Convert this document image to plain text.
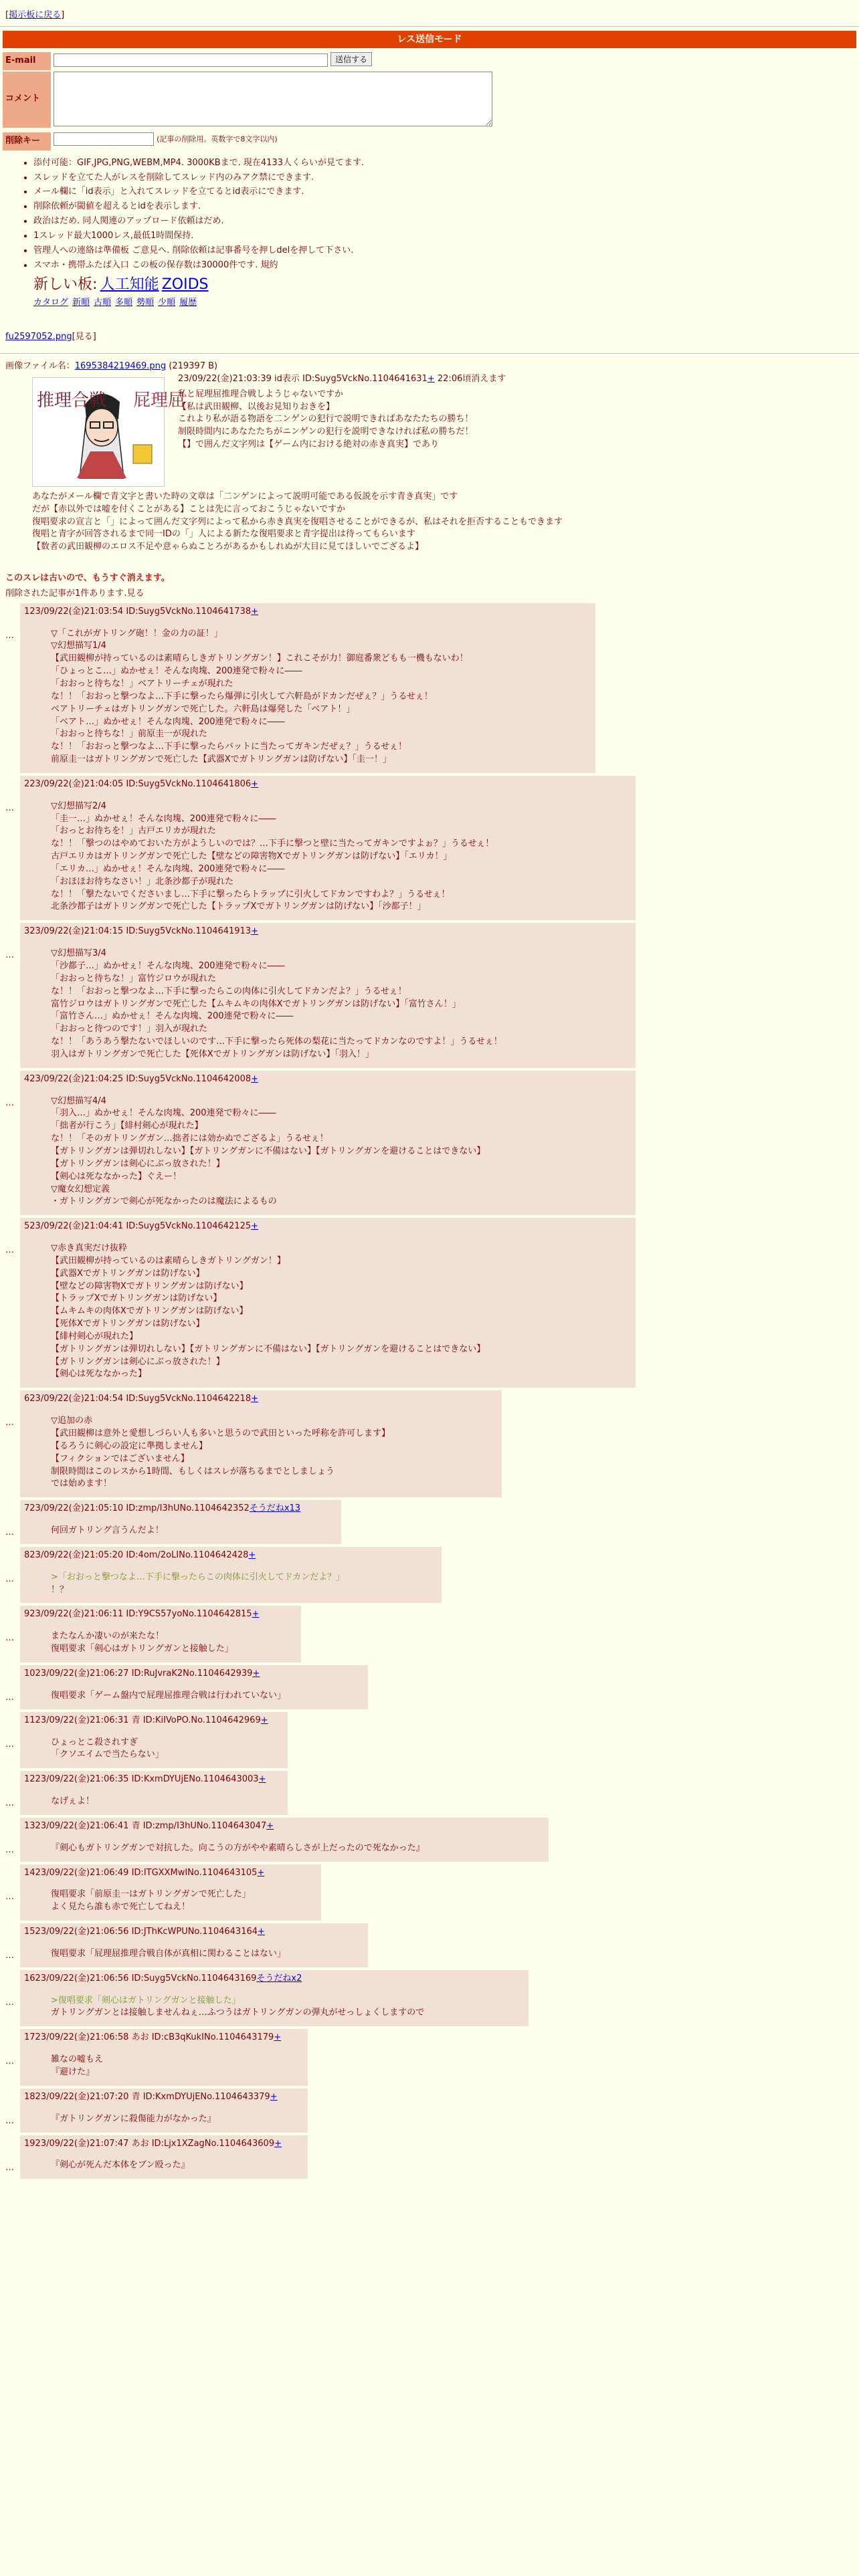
[掲示板に戻る]
レス送信モード
E-mail	送信する
コメント
削除キー	(記事の削除用。英数字で8文字以内)
• 添付可能：GIF,JPG,PNG,WEBM,MP4. 3000KBまで. 現在4133人くらいが見てます.
• スレッドを立てた人がレスを削除してスレッド内のみアク禁にできます.
• メール欄に「id表示」と入れてスレッドを立てるとid表示にできます.
• 削除依頼が閾値を超えるとidを表示します.
• 政治はだめ. 同人関連のアップロード依頼はだめ.
• 1スレッド最大1000レス,最低1時間保持.
• 管理人への連絡は準備板 ご意見へ. 削除依頼は記事番号を押しdelを押して下さい.
• スマホ・携帯ふたば入口 この板の保存数は30000件です. 規約
新しい板: 人工知能 ZOIDS
カタログ 新順 古順 多順 勢順 少順 履歴
fu2597052.png[見る]
画像ファイル名：1695384219469.png (219397 B)
推理合戦 屁理屈
23/09/22(金)21:03:39 id表示 ID:Suyg5VckNo.1104641631+ 22:06頃消えます
私と屁理屈推理合戦しようじゃないですか
【私は武田観柳、以後お見知りおきを】
これより私が語る物語を二ンゲンの犯行で説明できればあなたたちの勝ち！
制限時間内にあなたたちがニンゲンの犯行を説明できなければ私の勝ちだ！
【】で囲んだ文字列は【ゲーム内における絶対の赤き真実】であり
あなたがメール欄で青文字と書いた時の文章は「二ンゲンによって説明可能である仮説を示す青き真実」です
だが【赤以外では嘘を付くことがある】ことは先に言っておこうじゃないですか
復唱要求の宣言と「」によって囲んだ文字列によって私から赤き真実を復唱させることができるが、私はそれを拒否することもできます
復唱と青字が回答されるまで同一IDの「」人による新たな復唱要求と青字提出は待ってもらいます
【数者の武田観柳のエロス不足や意ゃらぬことろがあるかもしれぬが大目に見てほしいでござるよ】
このスレは古いので、もうすぐ消えます。
削除された記事が1件あります.見る
…
123/09/22(金)21:03:54 ID:Suyg5VckNo.1104641738+
▽「これがガトリング砲！！金の力の証！」
▽幻想描写1/4
【武田観柳が持っているのは素晴らしきガトリングガン！】これこそが力！御庭番衆どもも一機もないわ！
「ひょっとこ…」ぬかせぇ！そんな肉塊、200連発で粉々に――
「おおっと待ちな！」ベアトリーチェが現れた
な！！「おおっと撃つなよ…下手に撃ったら爆弾に引火して六軒島がドカンだぜぇ？」うるせぇ！
ベアトリーチェはガトリングガンで死亡した。六軒島は爆発した「ベアト！」
「ベアト…」ぬかせぇ！そんな肉塊、200連発で粉々に――
「おおっと待ちな！」前原圭一が現れた
な！！「おおっと撃つなよ…下手に撃ったらバットに当たってガキンだぜぇ？」うるせぇ！
前原圭一はガトリングガンで死亡した【武器Xでガトリングガンは防げない】「圭一！」
…
223/09/22(金)21:04:05 ID:Suyg5VckNo.1104641806+
▽幻想描写2/4
「圭一…」ぬかせぇ！そんな肉塊、200連発で粉々に――
「おっとお待ちを！」古戸エリカが現れた
な！！「撃つのはやめておいた方がようしいのでは？…下手に撃つと壁に当たってガキンですよぉ？」うるせぇ！
古戸エリカはガトリングガンで死亡した【壁などの障害物Xでガトリングガンは防げない】「エリカ！」
「エリカ…」ぬかせぇ！そんな肉塊、200連発で粉々に――
「おほほお待ちなさい！」北条沙都子が現れた
な！！「撃たないでくださいまし…下手に撃ったらトラップに引火してドカンですわよ？」うるせぇ！
北条沙都子はガトリングガンで死亡した【トラップXでガトリングガンは防げない】「沙都子！」
…
323/09/22(金)21:04:15 ID:Suyg5VckNo.1104641913+
▽幻想描写3/4
「沙都子…」ぬかせぇ！そんな肉塊、200連発で粉々に――
「おおっと待ちな！」富竹ジロウが現れた
な！！「おおっと撃つなよ…下手に撃ったらこの肉体に引火してドカンだよ？」うるせぇ！
富竹ジロウはガトリングガンで死亡した【ムキムキの肉体Xでガトリングガンは防げない】「富竹さん！」
「富竹さん…」ぬかせぇ！そんな肉塊、200連発で粉々に――
「おおっと待つのです！」羽入が現れた
な！！「あうあう撃たないでほしいのです…下手に撃ったら死体の梨花に当たってドカンなのですよ！」うるせぇ！
羽入はガトリングガンで死亡した【死体Xでガトリングガンは防げない】「羽入！」
…
423/09/22(金)21:04:25 ID:Suyg5VckNo.1104642008+
▽幻想描写4/4
「羽入…」ぬかせぇ！そんな肉塊、200連発で粉々に――
「拙者が行こう」【緋村剣心が現れた】
な！！「そのガトリングガン…拙者には効かぬでござるよ」うるせぇ！
【ガトリングガンは弾切れしない】【ガトリングガンに不備はない】【ガトリングガンを避けることはできない】
【ガトリングガンは剣心にぶっ放された！】
【剣心は死ななかった】ぐえー！
▽魔女幻想定義
・ガトリングガンで剣心が死なかったのは魔法によるもの
…
523/09/22(金)21:04:41 ID:Suyg5VckNo.1104642125+
▽赤き真実だけ抜粋
【武田観柳が持っているのは素晴らしきガトリングガン！】
【武器Xでガトリングガンは防げない】
【壁などの障害物Xでガトリングガンは防げない】
【トラップXでガトリングガンは防げない】
【ムキムキの肉体Xでガトリングガンは防げない】
【死体Xでガトリングガンは防げない】
【緋村剣心が現れた】
【ガトリングガンは弾切れしない】【ガトリングガンに不備はない】【ガトリングガンを避けることはできない】
【ガトリングガンは剣心にぶっ放された！】
【剣心は死ななかった】
…
623/09/22(金)21:04:54 ID:Suyg5VckNo.1104642218+
▽追加の赤
【武田観柳は意外と愛想しづらい人も多いと思うので武田といった呼称を許可します】
【るろうに剣心の設定に準拠しません】
【フィクションではございません】
制限時間はこのレスから1時間、もしくはスレが落ちるまでとしましょう
では始めます！
…
723/09/22(金)21:05:10 ID:zmp/I3hUNo.1104642352そうだねx13
何回ガトリング言うんだよ！
…
823/09/22(金)21:05:20 ID:4om/2oLINo.1104642428+
>「おおっと撃つなよ…下手に撃ったらこの肉体に引火してドカンだよ？」
！？
…
923/09/22(金)21:06:11 ID:Y9CS57yoNo.1104642815+
またなんか凄いのが来たな！
復唱要求「剣心はガトリングガンと接触した」
…
1023/09/22(金)21:06:27 ID:RuJvraK2No.1104642939+
復唱要求「ゲーム盤内で屁理屈推理合戦は行われていない」
…
1123/09/22(金)21:06:31 青 ID:KiIVoPO.No.1104642969+
ひょっとこ殺されすぎ
「クソエイムで当たらない」
…
1223/09/22(金)21:06:35 ID:KxmDYUjENo.1104643003+
なげぇよ！
…
1323/09/22(金)21:06:41 青 ID:zmp/I3hUNo.1104643047+
『剣心もガトリングガンで対抗した。向こうの方がやや素晴らしさが上だったので死なかった』
…
1423/09/22(金)21:06:49 ID:ITGXXMwINo.1104643105+
復唱要求「前原圭一はガトリングガンで死亡した」
よく見たら誰も赤で死亡してねえ！
…
1523/09/22(金)21:06:56 ID:JThKcWPUNo.1104643164+
復唱要求「屁理屈推理合戦自体が真相に関わることはない」
…
1623/09/22(金)21:06:56 ID:Suyg5VckNo.1104643169そうだねx2
>復唱要求「剣心はガトリングガンと接触した」
ガトリングガンとは接触しませんねぇ…ふつうはガトリングガンの弾丸がせっしょくしますので
…
1723/09/22(金)21:06:58 あお ID:cB3qKukINo.1104643179+
雑なの嘘もえ
『避けた』
…
1823/09/22(金)21:07:20 青 ID:KxmDYUjENo.1104643379+
『ガトリングガンに殺傷能力がなかった』
…
1923/09/22(金)21:07:47 あお ID:Ljx1XZagNo.1104643609+
『剣心が死んだ本体をブン殴った』
